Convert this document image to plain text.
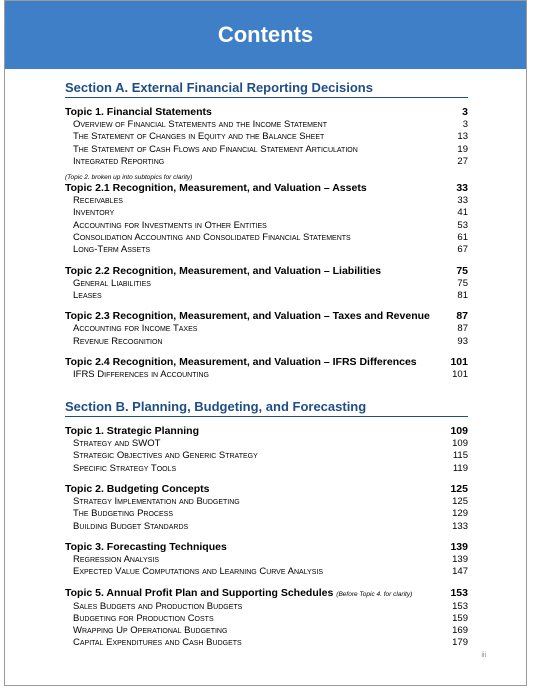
Contents
Section A. External Financial Reporting Decisions
Topic 1. Financial Statements	3
Overview of Financial Statements and the Income Statement	3
The Statement of Changes in Equity and the Balance Sheet	13
The Statement of Cash Flows and Financial Statement Articulation	19
Integrated Reporting	27
(Topic 2. broken up into subtopics for clarity)
Topic 2.1 Recognition, Measurement, and Valuation – Assets	33
Receivables	33
Inventory	41
Accounting for Investments in Other Entities	53
Consolidation Accounting and Consolidated Financial Statements	61
Long-Term Assets	67
Topic 2.2 Recognition, Measurement, and Valuation – Liabilities	75
General Liabilities	75
Leases	81
Topic 2.3 Recognition, Measurement, and Valuation – Taxes and Revenue	87
Accounting for Income Taxes	87
Revenue Recognition	93
Topic 2.4 Recognition, Measurement, and Valuation – IFRS Differences	101
IFRS Differences in Accounting	101
Section B. Planning, Budgeting, and Forecasting
Topic 1. Strategic Planning	109
Strategy and SWOT	109
Strategic Objectives and Generic Strategy	115
Specific Strategy Tools	119
Topic 2. Budgeting Concepts	125
Strategy Implementation and Budgeting	125
The Budgeting Process	129
Building Budget Standards	133
Topic 3. Forecasting Techniques	139
Regression Analysis	139
Expected Value Computations and Learning Curve Analysis	147
Topic 5. Annual Profit Plan and Supporting Schedules (Before Topic 4. for clarity)	153
Sales Budgets and Production Budgets	153
Budgeting for Production Costs	159
Wrapping Up Operational Budgeting	169
Capital Expenditures and Cash Budgets	179
iii
